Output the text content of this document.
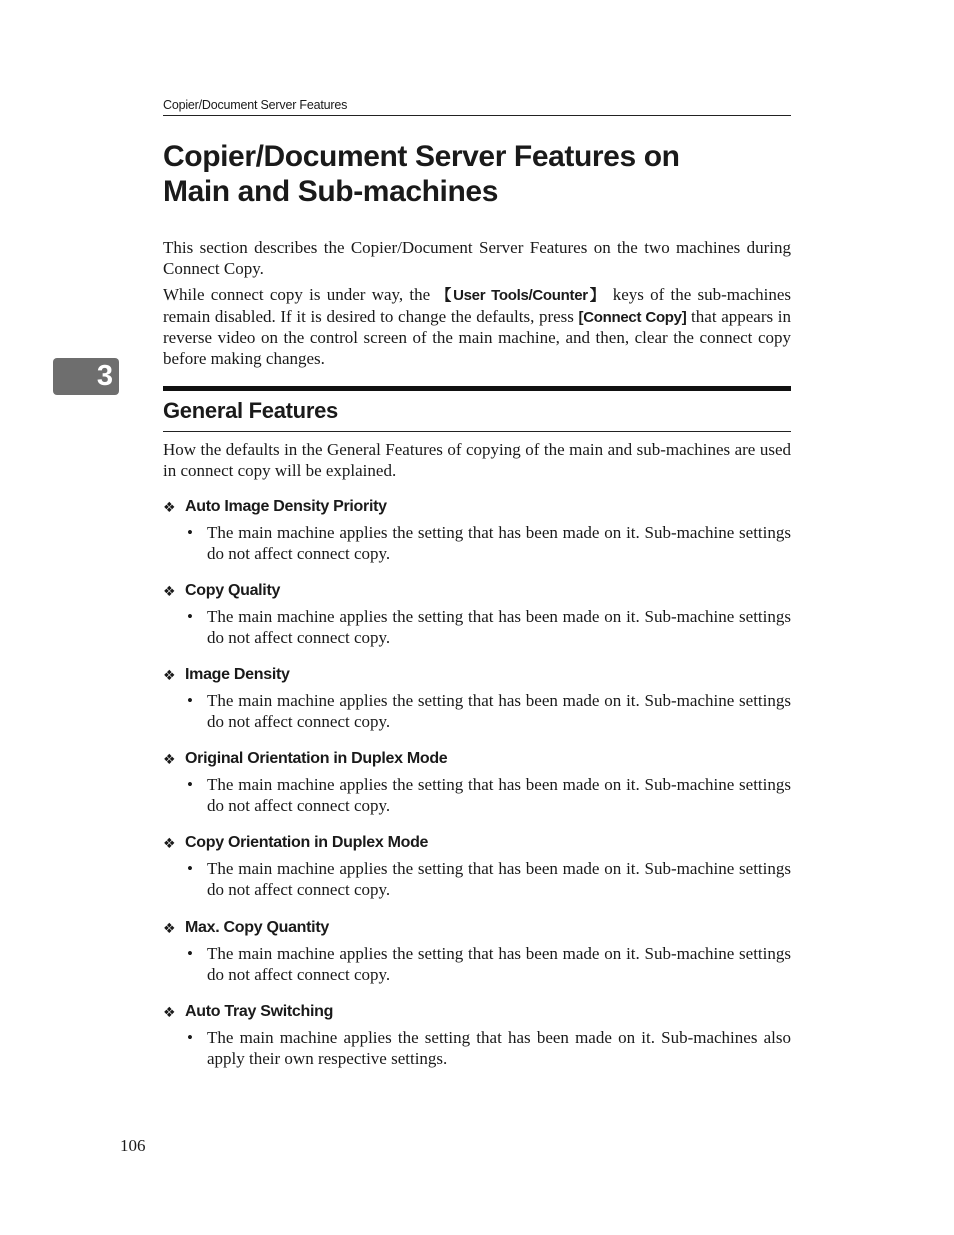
3
106
Copier/Document Server Features
Copier/Document Server Features on
Main and Sub-machines

This section describes the Copier/Document Server Features on the two machines during Connect Copy.

While connect copy is under way, the 【User Tools/Counter】 keys of the sub-machines remain disabled. If it is desired to change the defaults, press [Connect Copy] that appears in reverse video on the control screen of the main machine, and then, clear the connect copy before making changes.

General Features

How the defaults in the General Features of copying of the main and sub-machines are used in connect copy will be explained.

❖ Auto Image Density Priority
• The main machine applies the setting that has been made on it. Sub-machine settings do not affect connect copy.
❖ Copy Quality
• The main machine applies the setting that has been made on it. Sub-machine settings do not affect connect copy.
❖ Image Density
• The main machine applies the setting that has been made on it. Sub-machine settings do not affect connect copy.
❖ Original Orientation in Duplex Mode
• The main machine applies the setting that has been made on it. Sub-machine settings do not affect connect copy.
❖ Copy Orientation in Duplex Mode
• The main machine applies the setting that has been made on it. Sub-machine settings do not affect connect copy.
❖ Max. Copy Quantity
• The main machine applies the setting that has been made on it. Sub-machine settings do not affect connect copy.
❖ Auto Tray Switching
• The main machine applies the setting that has been made on it. Sub-machines also apply their own respective settings.
